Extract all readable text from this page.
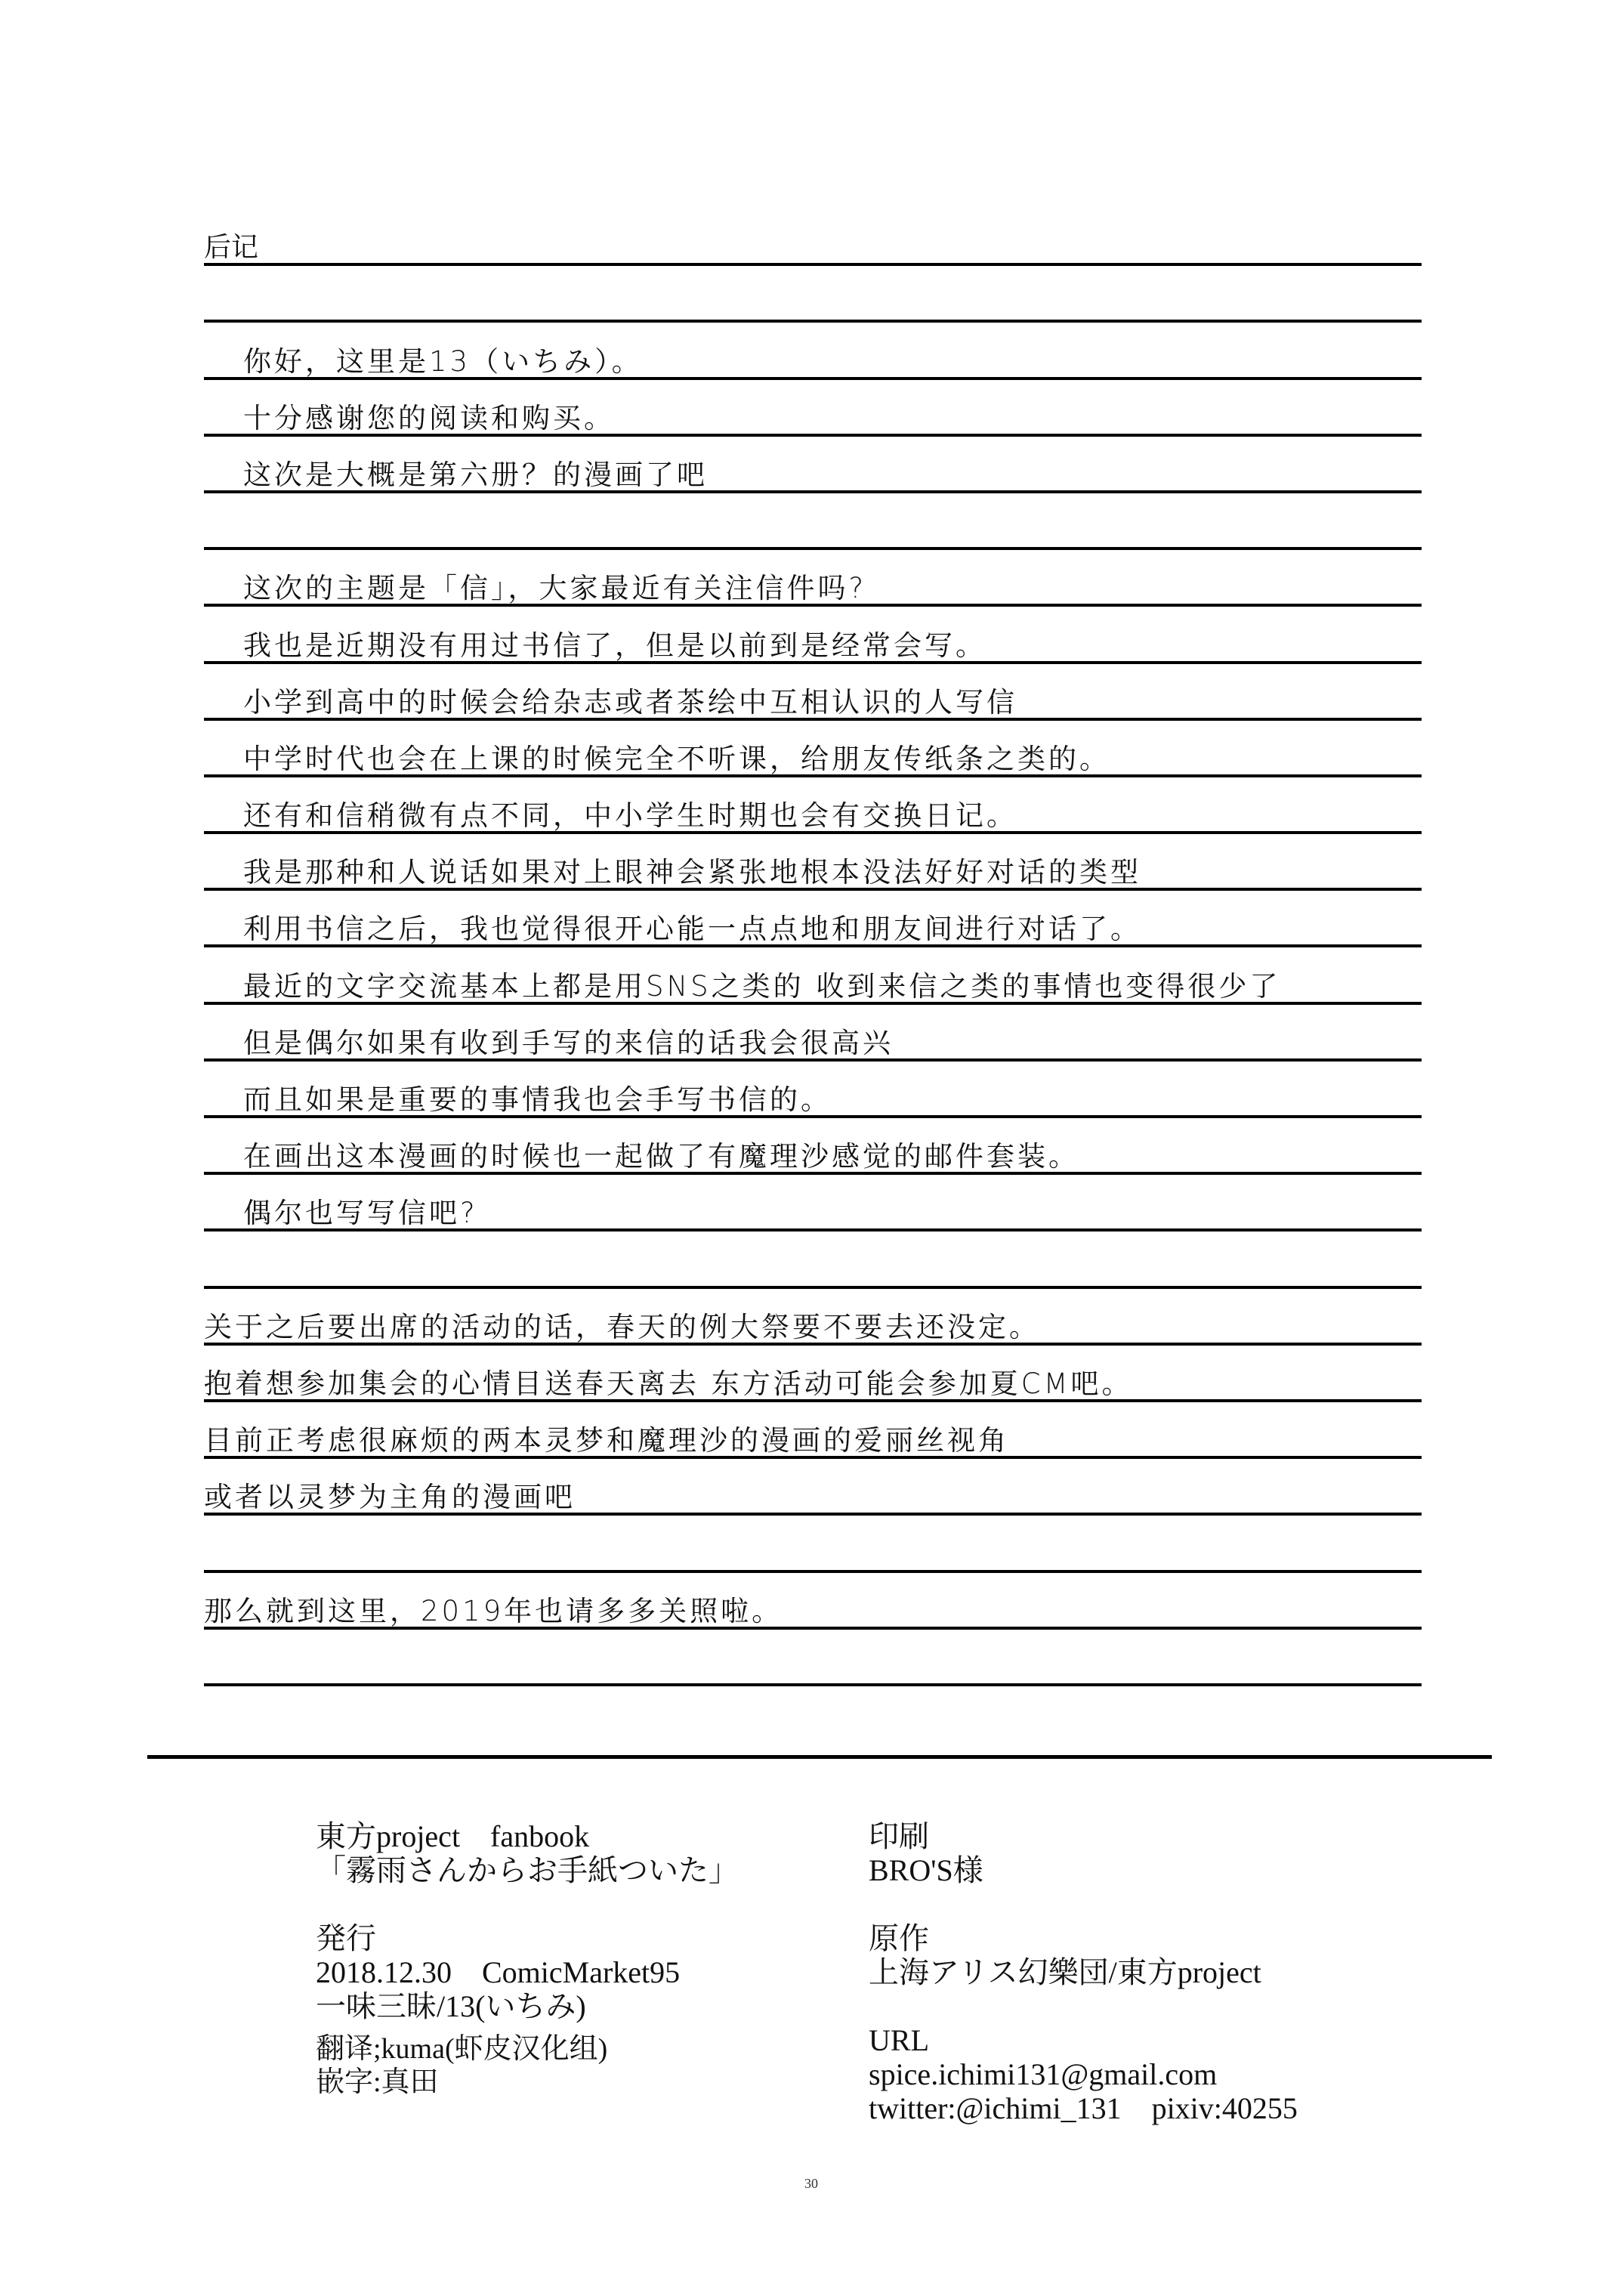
后记
你好，这里是13（いちみ）。
十分感谢您的阅读和购买。
这次是大概是第六册？的漫画了吧
这次的主题是「信」，大家最近有关注信件吗?
我也是近期没有用过书信了，但是以前到是经常会写。
小学到高中的时候会给杂志或者茶绘中互相认识的人写信
中学时代也会在上课的时候完全不听课，给朋友传纸条之类的。
还有和信稍微有点不同，中小学生时期也会有交换日记。
我是那种和人说话如果对上眼神会紧张地根本没法好好对话的类型
利用书信之后，我也觉得很开心能一点点地和朋友间进行对话了。
最近的文字交流基本上都是用SNS之类的 收到来信之类的事情也变得很少了
但是偶尔如果有收到手写的来信的话我会很高兴
而且如果是重要的事情我也会手写书信的。
在画出这本漫画的时候也一起做了有魔理沙感觉的邮件套装。
偶尔也写写信吧?
关于之后要出席的活动的话，春天的例大祭要不要去还没定。
抱着想参加集会的心情目送春天离去 东方活动可能会参加夏CM吧。
目前正考虑很麻烦的两本灵梦和魔理沙的漫画的爱丽丝视角
或者以灵梦为主角的漫画吧
那么就到这里，2019年也请多多关照啦。
東方project　fanbook
「霧雨さんからお手紙ついた」
発行
2018.12.30　ComicMarket95
一味三昧/13(いちみ)
翻译;kuma(虾皮汉化组)
嵌字:真田
印刷
BRO'S様
原作
上海アリス幻樂団/東方project
URL
spice.ichimi131@gmail.com
twitter:@ichimi_131　pixiv:40255
30
